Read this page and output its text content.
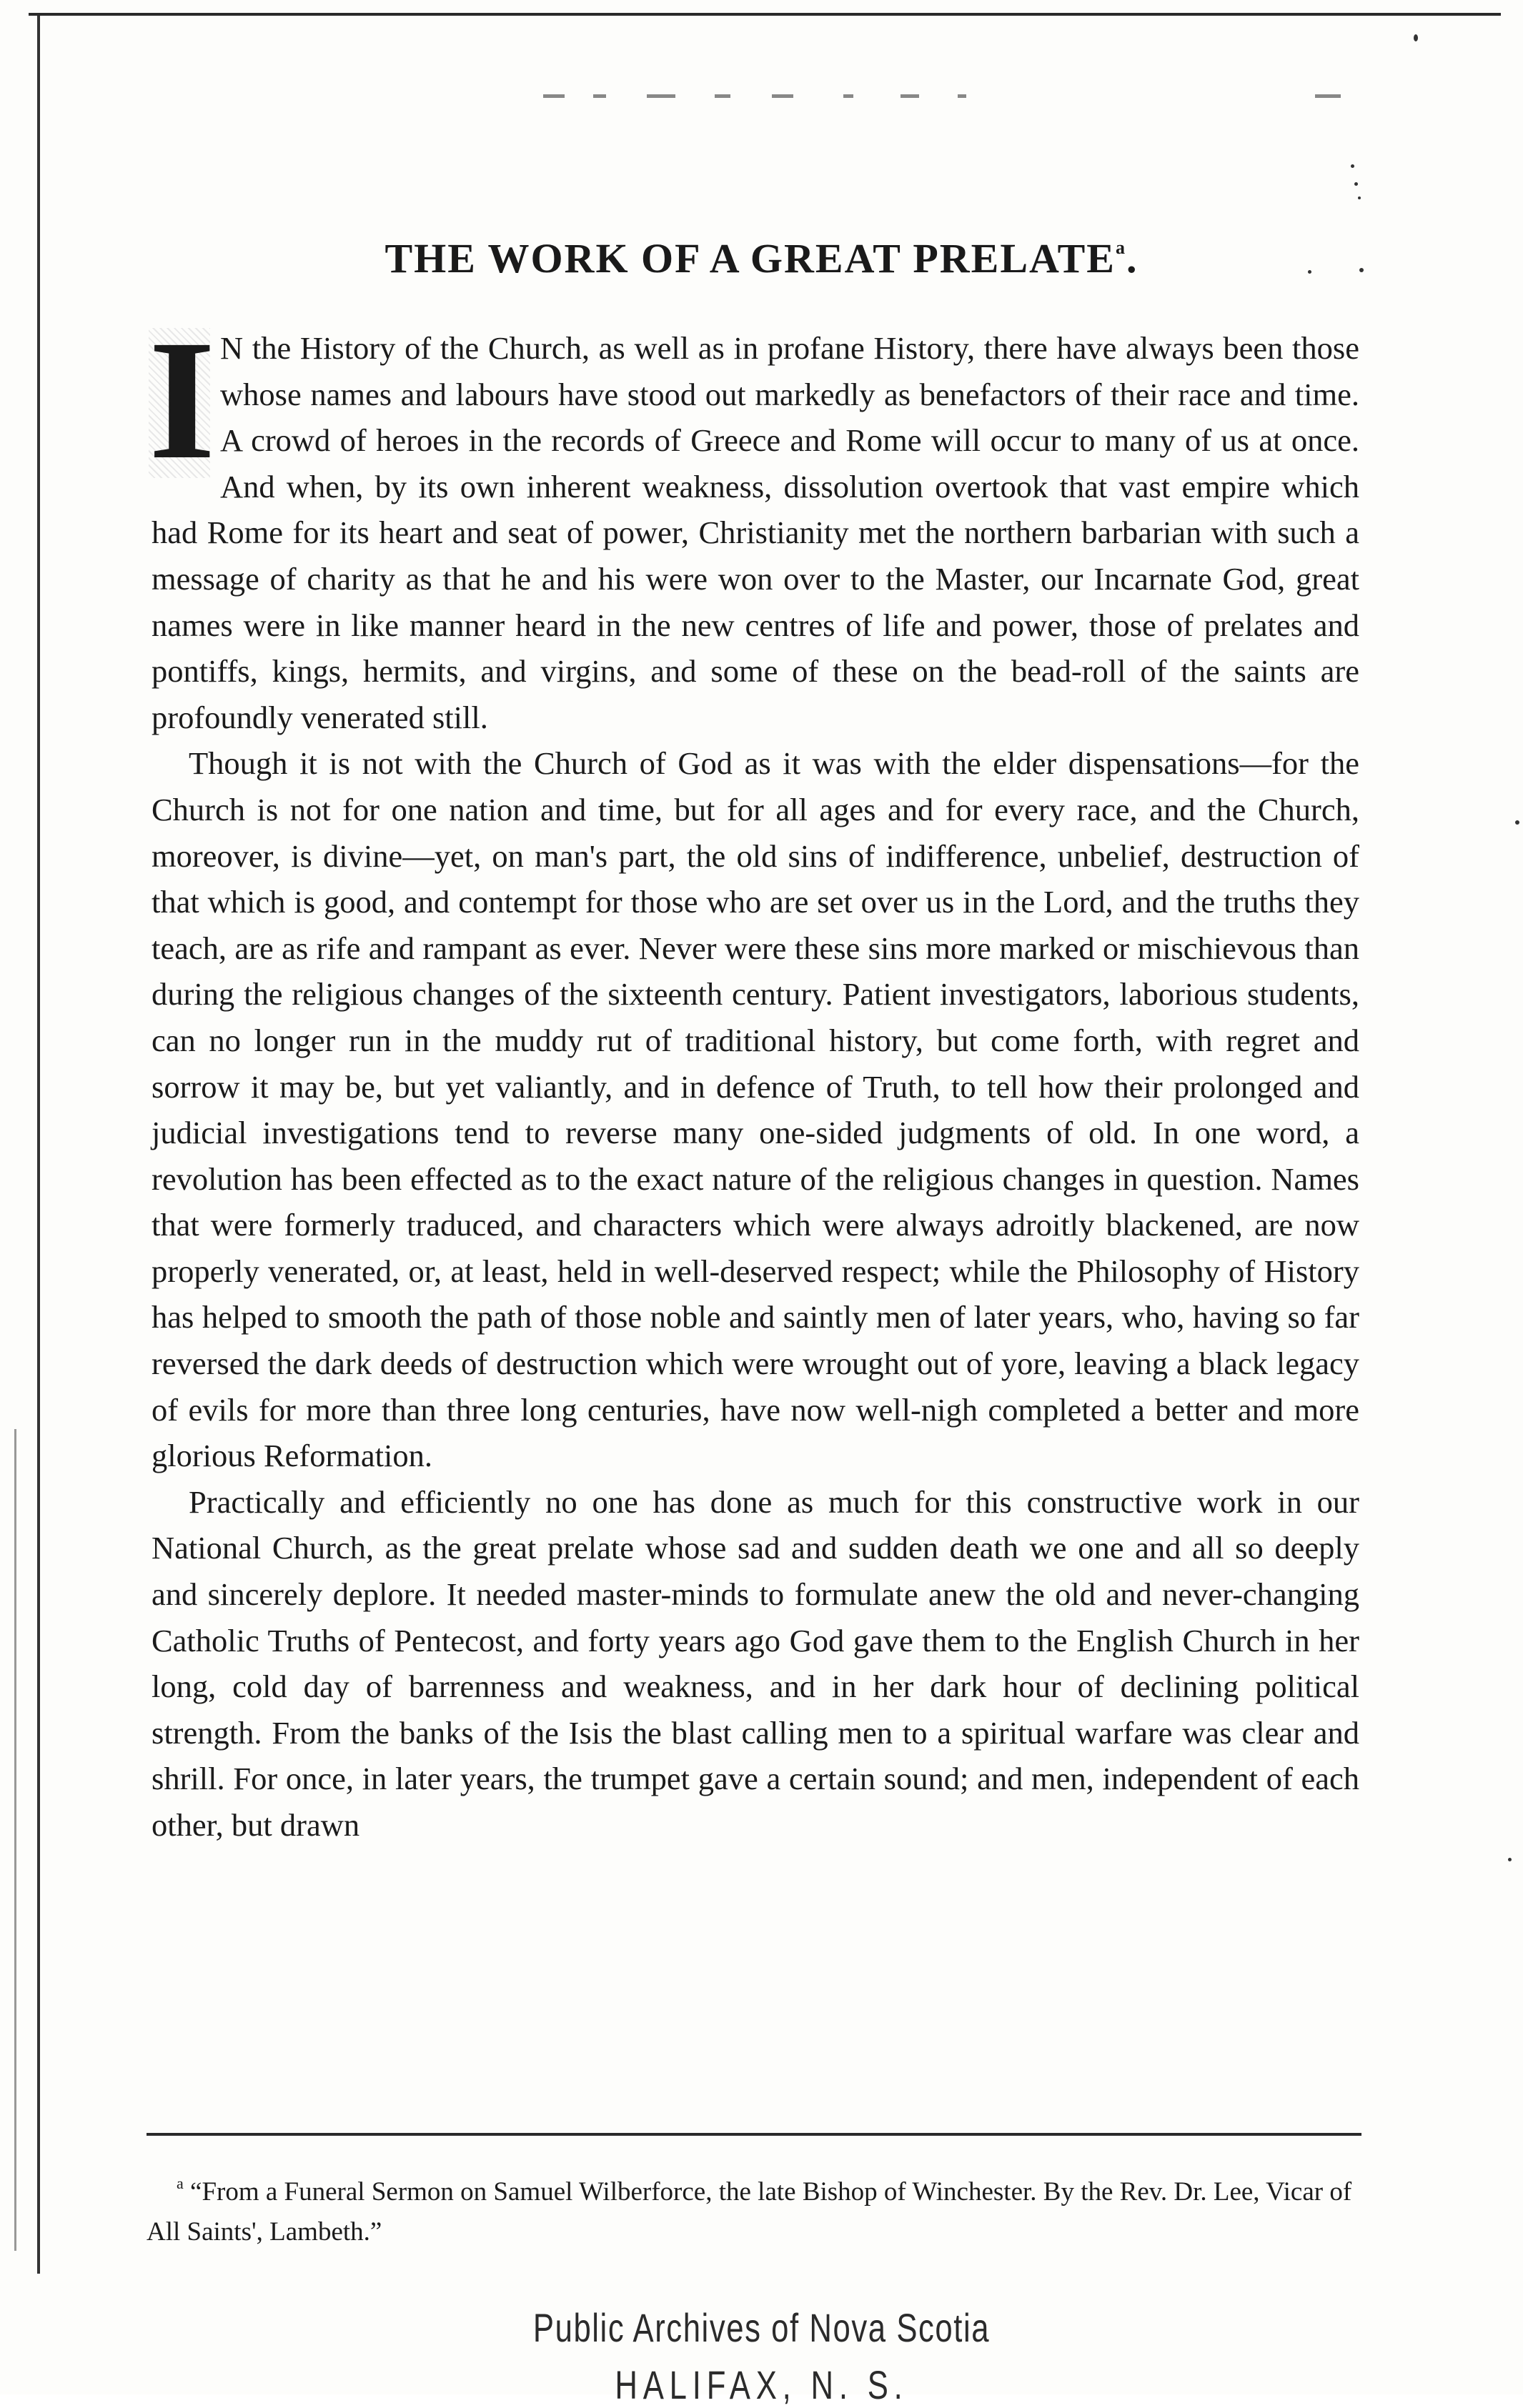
THE WORK OF A GREAT PRELATE$^a$.

I N the History of the Church, as well as in profane History, there have always been those whose names and labours have stood out markedly as benefactors of their race and time. A crowd of heroes in the records of Greece and Rome will occur to many of us at once. And when, by its own inherent weakness, dissolution overtook that vast empire which had Rome for its heart and seat of power, Christianity met the northern barbarian with such a message of charity as that he and his were won over to the Master, our Incarnate God, great names were in like manner heard in the new centres of life and power, those of prelates and pontiffs, kings, hermits, and virgins, and some of these on the bead-roll of the saints are profoundly venerated still.

Though it is not with the Church of God as it was with the elder dispensations—for the Church is not for one nation and time, but for all ages and for every race, and the Church, moreover, is divine—yet, on man's part, the old sins of indifference, unbelief, destruction of that which is good, and contempt for those who are set over us in the Lord, and the truths they teach, are as rife and rampant as ever. Never were these sins more marked or mischievous than during the religious changes of the sixteenth century. Patient investigators, laborious students, can no longer run in the muddy rut of traditional history, but come forth, with regret and sorrow it may be, but yet valiantly, and in defence of Truth, to tell how their prolonged and judicial investigations tend to reverse many one-sided judgments of old. In one word, a revolution has been effected as to the exact nature of the religious changes in question. Names that were formerly traduced, and characters which were always adroitly blackened, are now properly venerated, or, at least, held in well-deserved respect; while the Philosophy of History has helped to smooth the path of those noble and saintly men of later years, who, having so far reversed the dark deeds of destruction which were wrought out of yore, leaving a black legacy of evils for more than three long centuries, have now well-nigh completed a better and more glorious Reformation.

Practically and efficiently no one has done as much for this constructive work in our National Church, as the great prelate whose sad and sudden death we one and all so deeply and sincerely deplore. It needed master-minds to formulate anew the old and never-changing Catholic Truths of Pentecost, and forty years ago God gave them to the English Church in her long, cold day of barrenness and weakness, and in her dark hour of declining political strength. From the banks of the Isis the blast calling men to a spiritual warfare was clear and shrill. For once, in later years, the trumpet gave a certain sound; and men, independent of each other, but drawn

$^a$ “From a Funeral Sermon on Samuel Wilberforce, the late Bishop of Winchester. By the Rev. Dr. Lee, Vicar of All Saints', Lambeth.”
Public Archives of Nova Scotia
HALIFAX, N. S.
